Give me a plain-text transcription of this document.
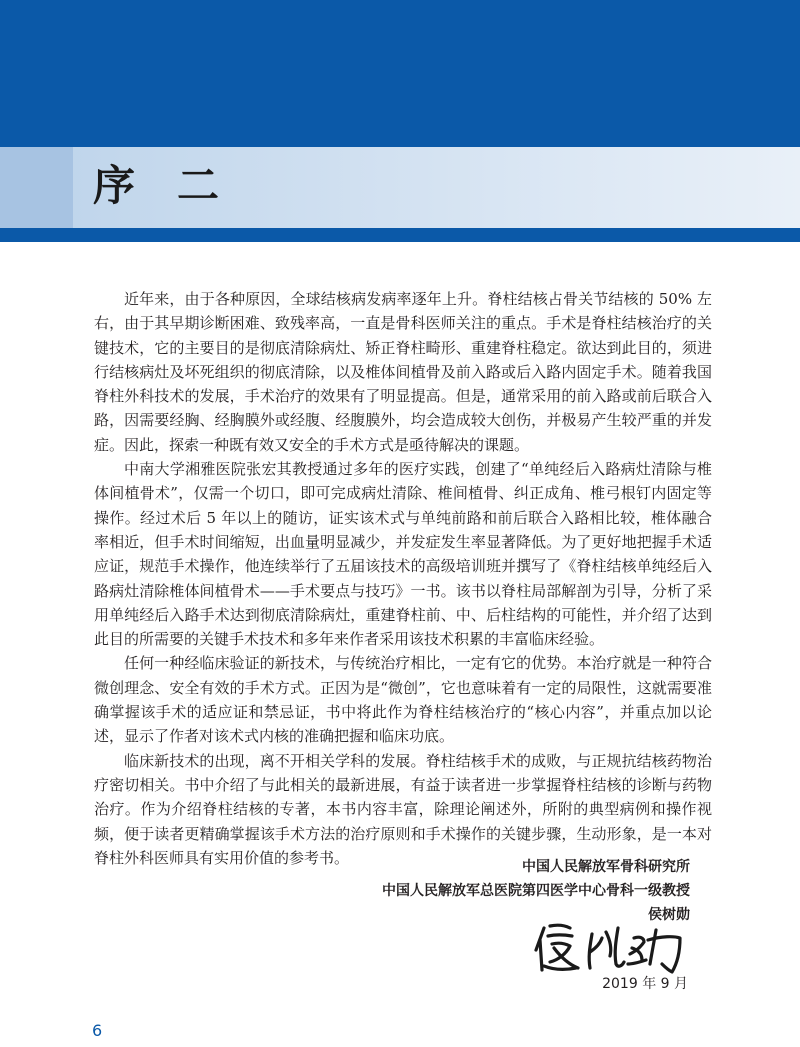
序　二

近年来，由于各种原因，全球结核病发病率逐年上升。脊柱结核占骨关节结核的 50% 左右，由于其早期诊断困难、致残率高，一直是骨科医师关注的重点。手术是脊柱结核治疗的关键技术，它的主要目的是彻底清除病灶、矫正脊柱畸形、重建脊柱稳定。欲达到此目的，须进行结核病灶及坏死组织的彻底清除，以及椎体间植骨及前入路或后入路内固定手术。随着我国脊柱外科技术的发展，手术治疗的效果有了明显提高。但是，通常采用的前入路或前后联合入路，因需要经胸、经胸膜外或经腹、经腹膜外，均会造成较大创伤，并极易产生较严重的并发症。因此，探索一种既有效又安全的手术方式是亟待解决的课题。

中南大学湘雅医院张宏其教授通过多年的医疗实践，创建了“单纯经后入路病灶清除与椎体间植骨术”，仅需一个切口，即可完成病灶清除、椎间植骨、纠正成角、椎弓根钉内固定等操作。经过术后 5 年以上的随访，证实该术式与单纯前路和前后联合入路相比较，椎体融合率相近，但手术时间缩短，出血量明显减少，并发症发生率显著降低。为了更好地把握手术适应证，规范手术操作，他连续举行了五届该技术的高级培训班并撰写了《脊柱结核单纯经后入路病灶清除椎体间植骨术——手术要点与技巧》一书。该书以脊柱局部解剖为引导，分析了采用单纯经后入路手术达到彻底清除病灶，重建脊柱前、中、后柱结构的可能性，并介绍了达到此目的所需要的关键手术技术和多年来作者采用该技术积累的丰富临床经验。

任何一种经临床验证的新技术，与传统治疗相比，一定有它的优势。本治疗就是一种符合微创理念、安全有效的手术方式。正因为是“微创”，它也意味着有一定的局限性，这就需要准确掌握该手术的适应证和禁忌证，书中将此作为脊柱结核治疗的“核心内容”，并重点加以论述，显示了作者对该术式内核的准确把握和临床功底。

临床新技术的出现，离不开相关学科的发展。脊柱结核手术的成败，与正规抗结核药物治疗密切相关。书中介绍了与此相关的最新进展，有益于读者进一步掌握脊柱结核的诊断与药物治疗。作为介绍脊柱结核的专著，本书内容丰富，除理论阐述外，所附的典型病例和操作视频，便于读者更精确掌握该手术方法的治疗原则和手术操作的关键步骤，生动形象，是一本对脊柱外科医师具有实用价值的参考书。

中国人民解放军骨科研究所
中国人民解放军总医院第四医学中心骨科一级教授
侯树勋
2019 年 9 月
6
